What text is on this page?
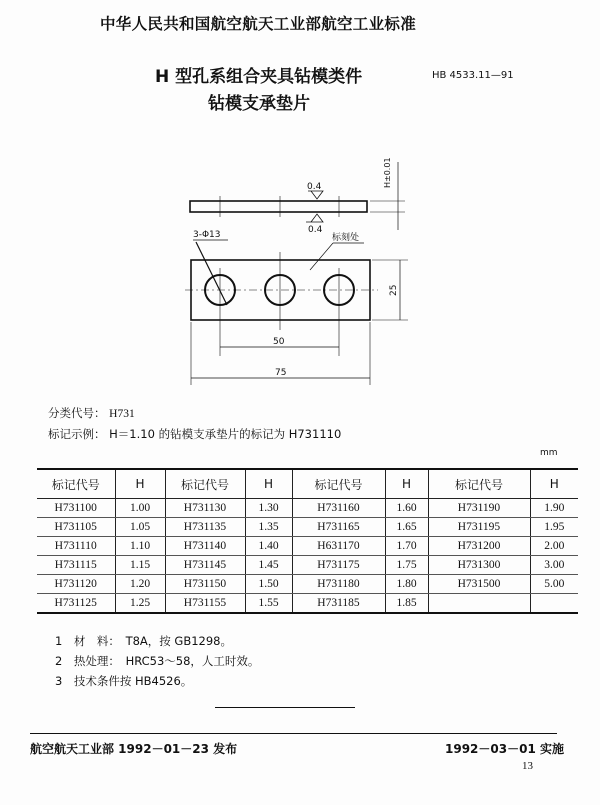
中华人民共和国航空航天工业部航空工业标准
H 型孔系组合夹具钻模类件
钻模支承垫片
HB 4533.11—91
0.4
0.4
H±0.01
3-Φ13	标刻处
50
75
25
分类代号： H731
标记示例： H＝1.10 的钻模支承垫片的标记为 H731110
mm
标记代号	H	标记代号	H	标记代号	H	标记代号	H
H731100	1.00	H731130	1.30	H731160	1.60	H731190	1.90
H731105	1.05	H731135	1.35	H731165	1.65	H731195	1.95
H731110	1.10	H731140	1.40	H631170	1.70	H731200	2.00
H731115	1.15	H731145	1.45	H731175	1.75	H731300	3.00
H731120	1.20	H731150	1.50	H731180	1.80	H731500	5.00
H731125	1.25	H731155	1.55	H731185	1.85		
1　材　料：　T8A，按 GB1298。
2　热处理：　HRC53～58，人工时效。
3　技术条件按 HB4526。
航空航天工业部 1992－01－23 发布	1992－03－01 实施
13
